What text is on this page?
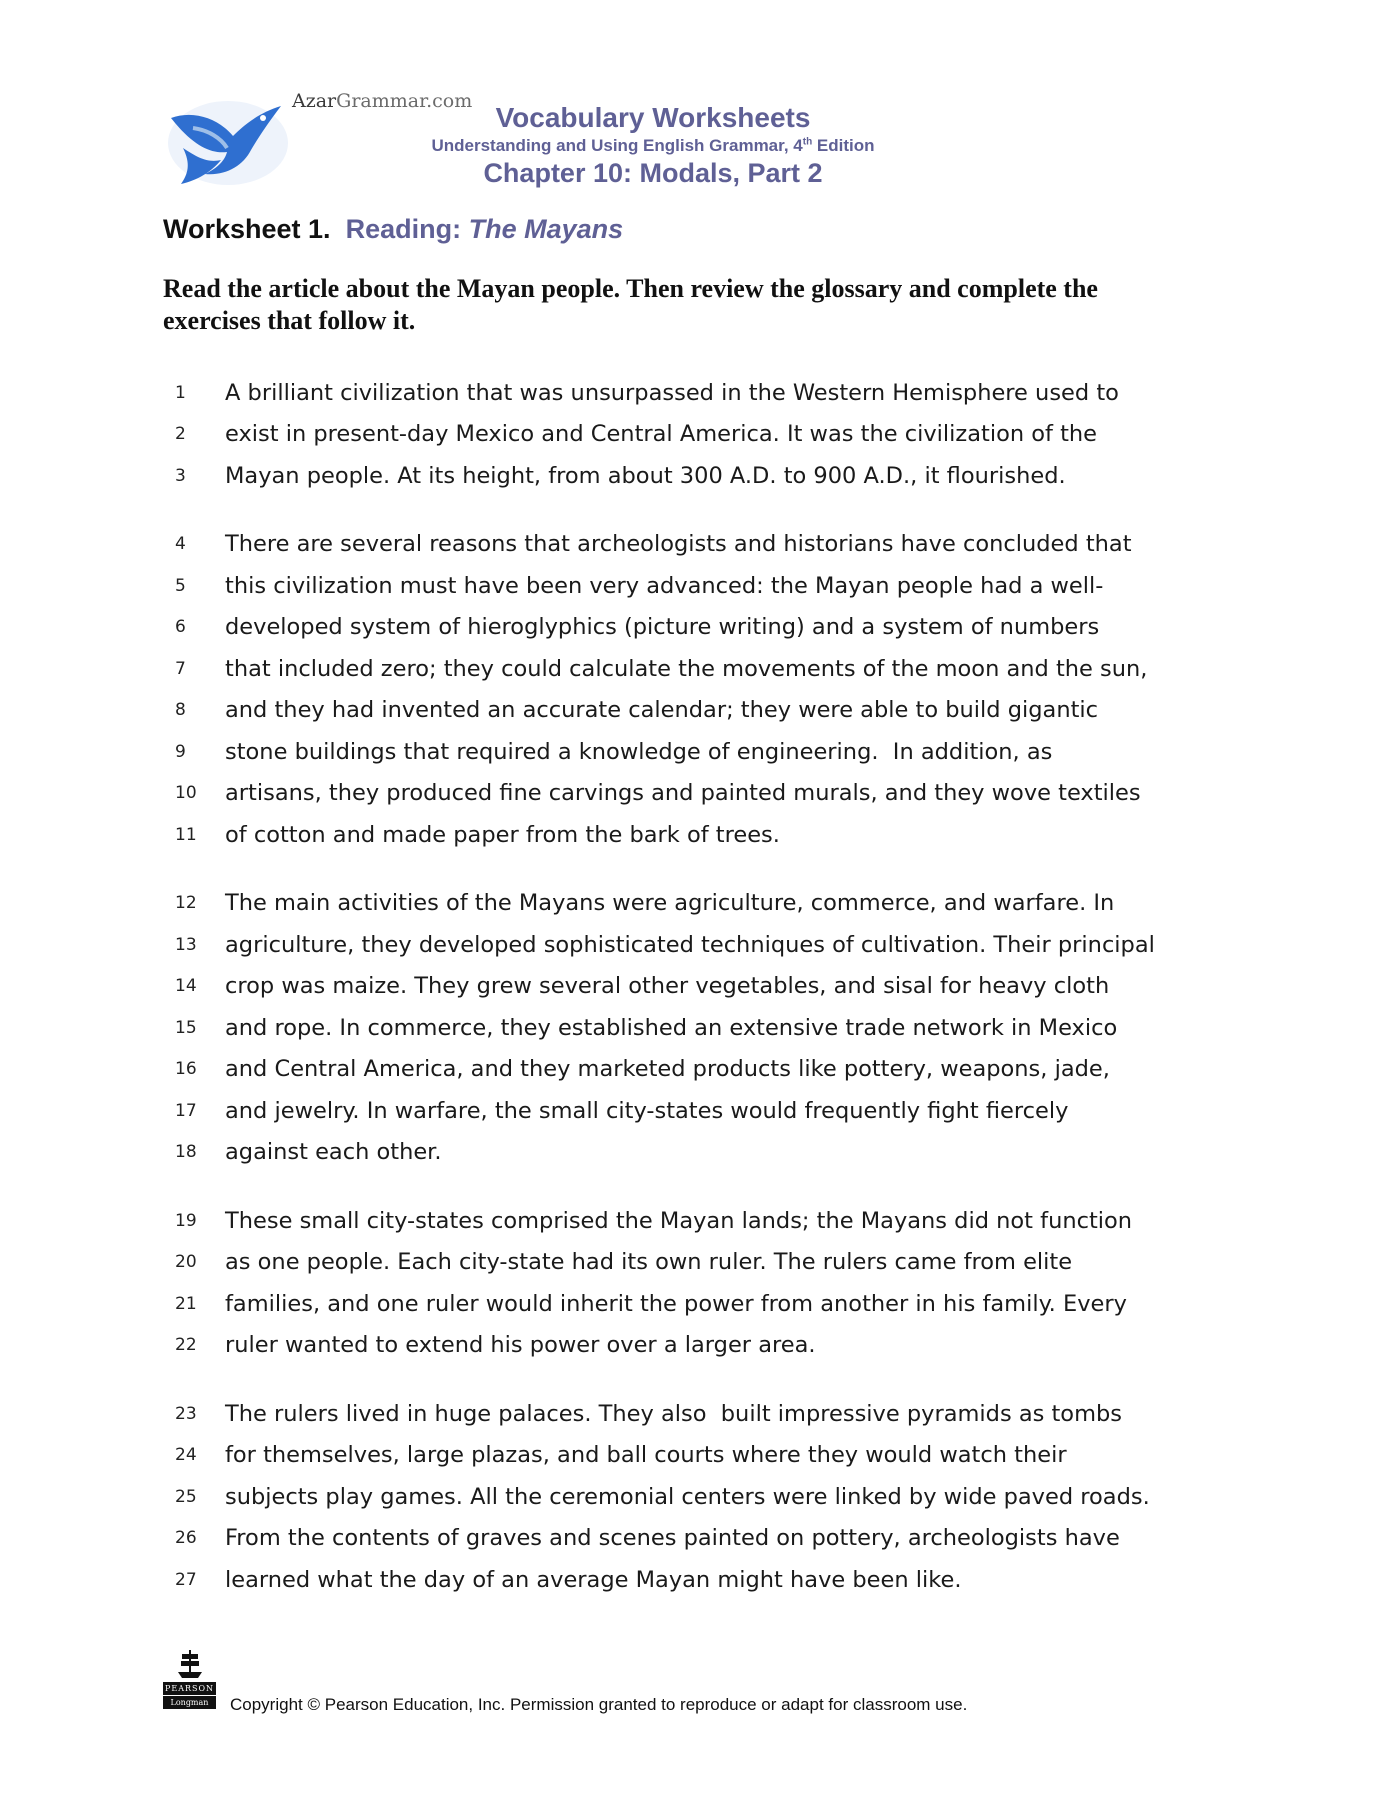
AzarGrammar.com
Vocabulary Worksheets
Understanding and Using English Grammar, 4th Edition
Chapter 10: Modals, Part 2
Worksheet 1. Reading: The Mayans
Read the article about the Mayan people. Then review the glossary and complete the exercises that follow it.
1	A brilliant civilization that was unsurpassed in the Western Hemisphere used to
2	exist in present-day Mexico and Central America. It was the civilization of the
3	Mayan people. At its height, from about 300 A.D. to 900 A.D., it flourished.
4	There are several reasons that archeologists and historians have concluded that
5	this civilization must have been very advanced: the Mayan people had a well-
6	developed system of hieroglyphics (picture writing) and a system of numbers
7	that included zero; they could calculate the movements of the moon and the sun,
8	and they had invented an accurate calendar; they were able to build gigantic
9	stone buildings that required a knowledge of engineering.  In addition, as
10	artisans, they produced fine carvings and painted murals, and they wove textiles
11	of cotton and made paper from the bark of trees.
12	The main activities of the Mayans were agriculture, commerce, and warfare. In
13	agriculture, they developed sophisticated techniques of cultivation. Their principal
14	crop was maize. They grew several other vegetables, and sisal for heavy cloth
15	and rope. In commerce, they established an extensive trade network in Mexico
16	and Central America, and they marketed products like pottery, weapons, jade,
17	and jewelry. In warfare, the small city-states would frequently fight fiercely
18	against each other.
19	These small city-states comprised the Mayan lands; the Mayans did not function
20	as one people. Each city-state had its own ruler. The rulers came from elite
21	families, and one ruler would inherit the power from another in his family. Every
22	ruler wanted to extend his power over a larger area.
23	The rulers lived in huge palaces. They also  built impressive pyramids as tombs
24	for themselves, large plazas, and ball courts where they would watch their
25	subjects play games. All the ceremonial centers were linked by wide paved roads.
26	From the contents of graves and scenes painted on pottery, archeologists have
27	learned what the day of an average Mayan might have been like.
PEARSON
Longman	Copyright © Pearson Education, Inc. Permission granted to reproduce or adapt for classroom use.
